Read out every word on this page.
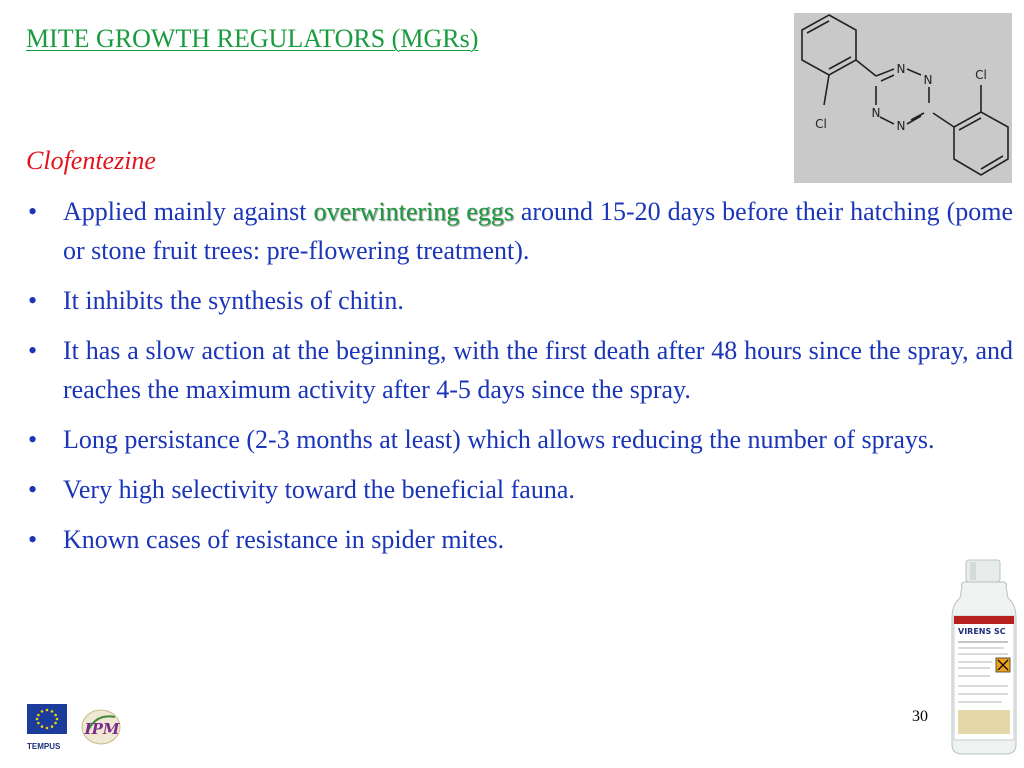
MITE GROWTH REGULATORS (MGRs)
N
N
N
N
Cl
Cl
Clofentezine
• Applied mainly against overwintering eggs around 15-20 days before their hatching (pome or stone fruit trees: pre-flowering treatment).
• It inhibits the synthesis of chitin.
• It has a slow action at the beginning, with the first death after 48 hours since the spray, and reaches the maximum activity after 4-5 days since the spray.
• Long persistance (2-3 months at least) which allows reducing the number of sprays.
• Very high selectivity toward the beneficial fauna.
• Known cases of resistance in spider mites.
VIRENS SC
TEMPUS
IPM
30
